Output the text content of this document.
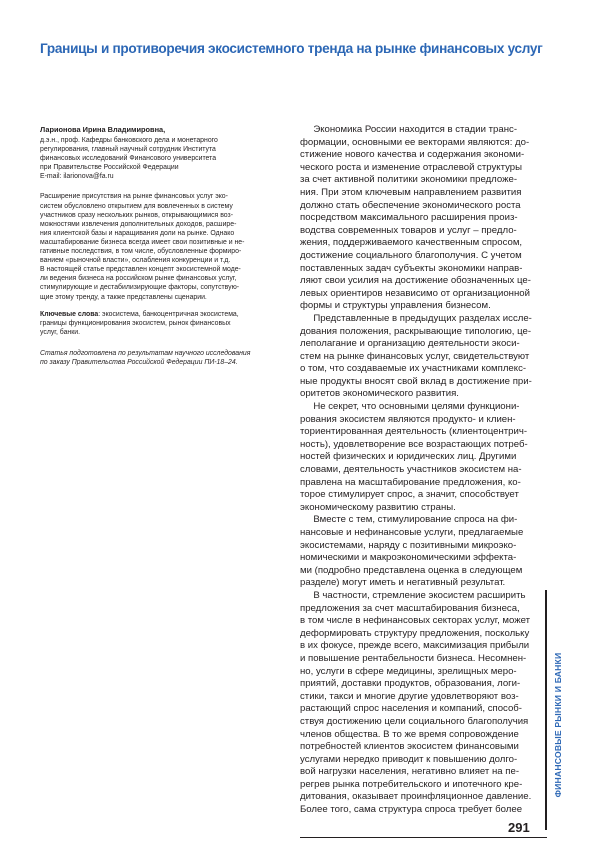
Границы и противоречия экосистемного тренда на рынке финансовых услуг
Ларионова Ирина Владимировна,
д.э.н., проф. Кафедры банковского дела и монетарного
регулирования, главный научный сотрудник Института
финансовых исследований Финансового университета
при Правительстве Российской Федерации
E-mail: ilarionova@fa.ru
Расширение присутствия на рынке финансовых услуг эко-
систем обусловлено открытием для вовлеченных в систему
участников сразу нескольких рынков, открывающимися воз-
можностями извлечения дополнительных доходов, расшире-
ния клиентской базы и наращивания доли на рынке. Однако
масштабирование бизнеса всегда имеет свои позитивные и не-
гативные последствия, в том числе, обусловленные формиро-
ванием «рыночной власти», ослабления конкуренции и т.д.
В настоящей статье представлен концепт экосистемной моде-
ли ведения бизнеса на российском рынке финансовых услуг,
стимулирующие и дестабилизирующие факторы, сопутствую-
щие этому тренду, а также представлены сценарии.
Ключевые слова: экосистема, банкоцентричная экосистема,
границы функционирования экосистем, рынок финансовых
услуг, банки.
Статья подготовлена по результатам научного исследования
по заказу Правительства Российской Федерации ПИ-18–24.
Экономика России находится в стадии транс-
формации, основными ее векторами являются: до-
стижение нового качества и содержания экономи-
ческого роста и изменение отраслевой структуры
за счет активной политики экономики предложе-
ния. При этом ключевым направлением развития
должно стать обеспечение экономического роста
посредством максимального расширения произ-
водства современных товаров и услуг – предло-
жения, поддерживаемого качественным спросом,
достижение социального благополучия. С учетом
поставленных задач субъекты экономики направ-
ляют свои усилия на достижение обозначенных це-
левых ориентиров независимо от организационной
формы и структуры управления бизнесом.
Представленные в предыдущих разделах иссле-
дования положения, раскрывающие типологию, це-
леполагание и организацию деятельности экоси-
стем на рынке финансовых услуг, свидетельствуют
о том, что создаваемые их участниками комплекс-
ные продукты вносят свой вклад в достижение при-
оритетов экономического развития.
Не секрет, что основными целями функциони-
рования экосистем являются продукто- и клиен-
ториентированная деятельность (клиентоцентрич-
ность), удовлетворение все возрастающих потреб-
ностей физических и юридических лиц. Другими
словами, деятельность участников экосистем на-
правлена на масштабирование предложения, ко-
торое стимулирует спрос, а значит, способствует
экономическому развитию страны.
Вместе с тем, стимулирование спроса на фи-
нансовые и нефинансовые услуги, предлагаемые
экосистемами, наряду с позитивными микроэко-
номическими и макроэкономическими эффекта-
ми (подробно представлена оценка в следующем
разделе) могут иметь и негативный результат.
В частности, стремление экосистем расширить
предложения за счет масштабирования бизнеса,
в том числе в нефинансовых секторах услуг, может
деформировать структуру предложения, поскольку
в их фокусе, прежде всего, максимизация прибыли
и повышение рентабельности бизнеса. Несомнен-
но, услуги в сфере медицины, зрелищных меро-
приятий, доставки продуктов, образования, логи-
стики, такси и многие другие удовлетворяют воз-
растающий спрос населения и компаний, способ-
ствуя достижению цели социального благополучия
членов общества. В то же время сопровождение
потребностей клиентов экосистем финансовыми
услугами нередко приводит к повышению долго-
вой нагрузки населения, негативно влияет на пе-
регрев рынка потребительского и ипотечного кре-
дитования, оказывает проинфляционное давление.
Более того, сама структура спроса требует более
ФИНАНСОВЫЕ РЫНКИ И БАНКИ
291
